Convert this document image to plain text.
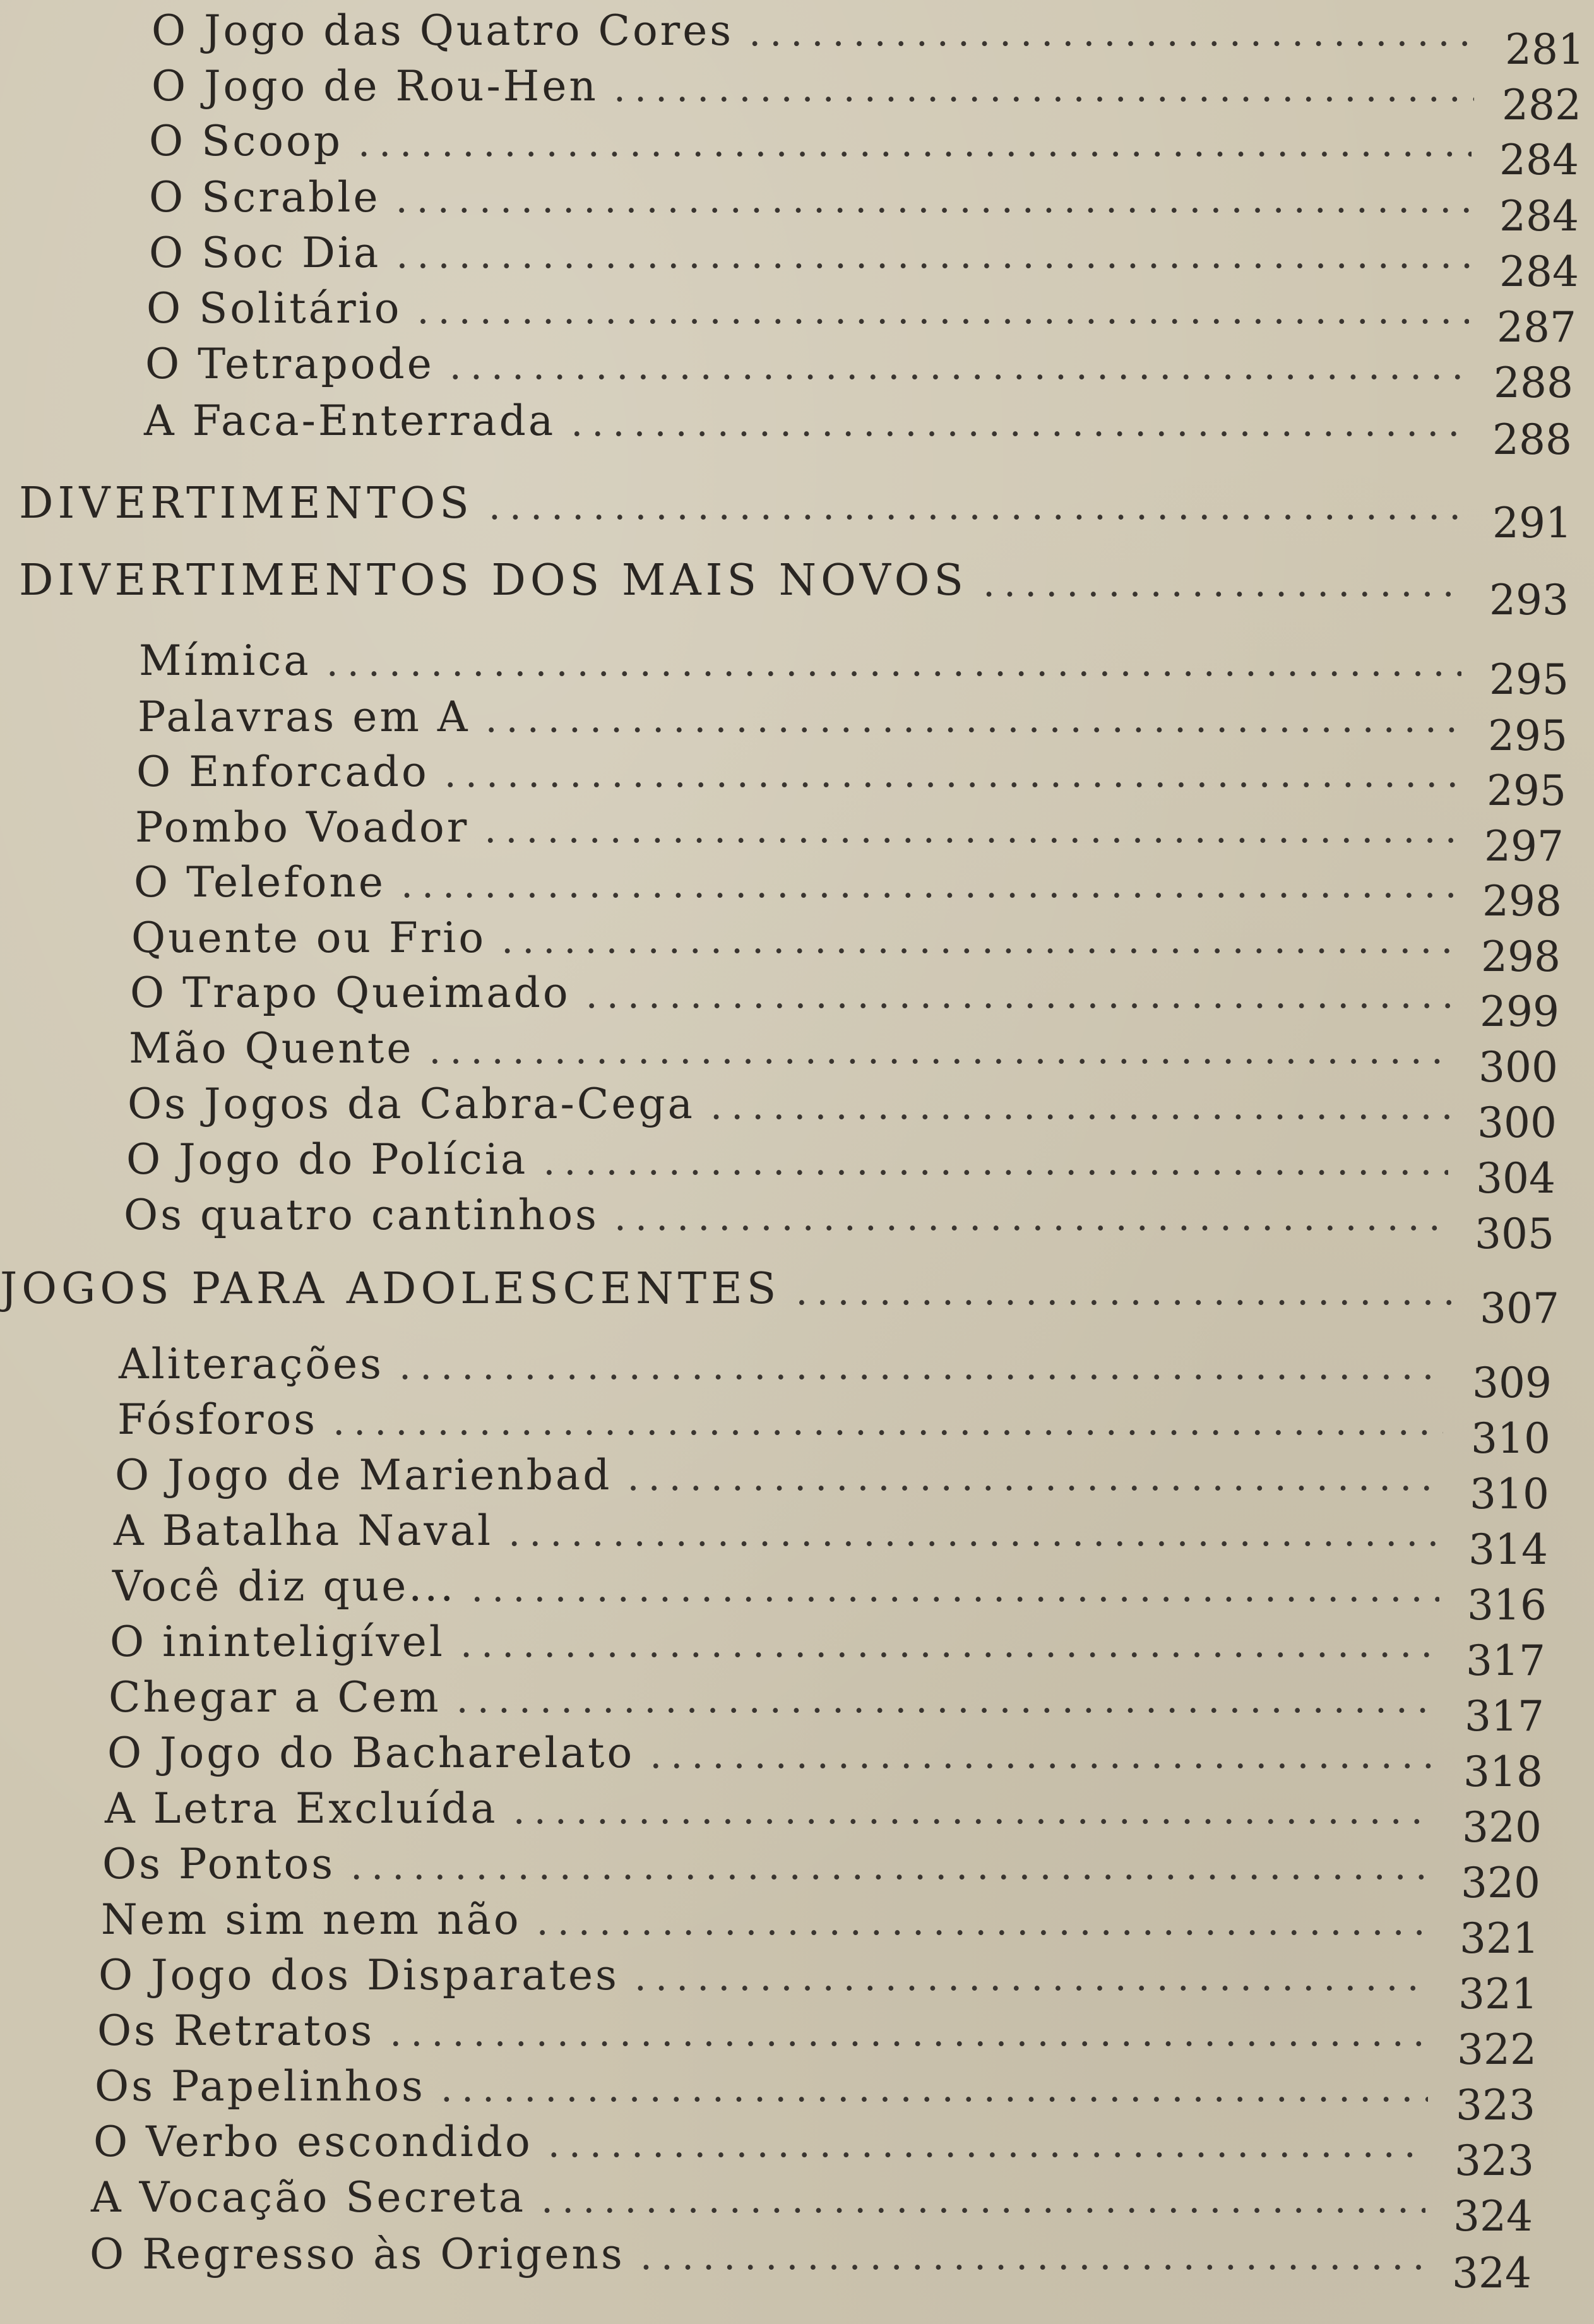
O Jogo das Quatro Cores .....	281
O Jogo de Rou-Hen .....	282
O Scoop .....	284
O Scrable .....	284
O Soc Dia .....	284
O Solitário .....	287
O Tetrapode .....	288
A Faca-Enterrada .....	288
DIVERTIMENTOS .....	291
DIVERTIMENTOS DOS MAIS NOVOS .....	293
Mímica .....	295
Palavras em A .....	295
O Enforcado .....	295
Pombo Voador .....	297
O Telefone .....	298
Quente ou Frio .....	298
O Trapo Queimado .....	299
Mão Quente .....	300
Os Jogos da Cabra-Cega .....	300
O Jogo do Polícia .....	304
Os quatro cantinhos .....	305
JOGOS PARA ADOLESCENTES .....	307
Aliterações .....	309
Fósforos .....	310
O Jogo de Marienbad .....	310
A Batalha Naval .....	314
Você diz que... .....	316
O ininteligível .....	317
Chegar a Cem .....	317
O Jogo do Bacharelato .....	318
A Letra Excluída .....	320
Os Pontos .....	320
Nem sim nem não .....	321
O Jogo dos Disparates .....	321
Os Retratos .....	322
Os Papelinhos .....	323
O Verbo escondido .....	323
A Vocação Secreta .....	324
O Regresso às Origens .....	324
